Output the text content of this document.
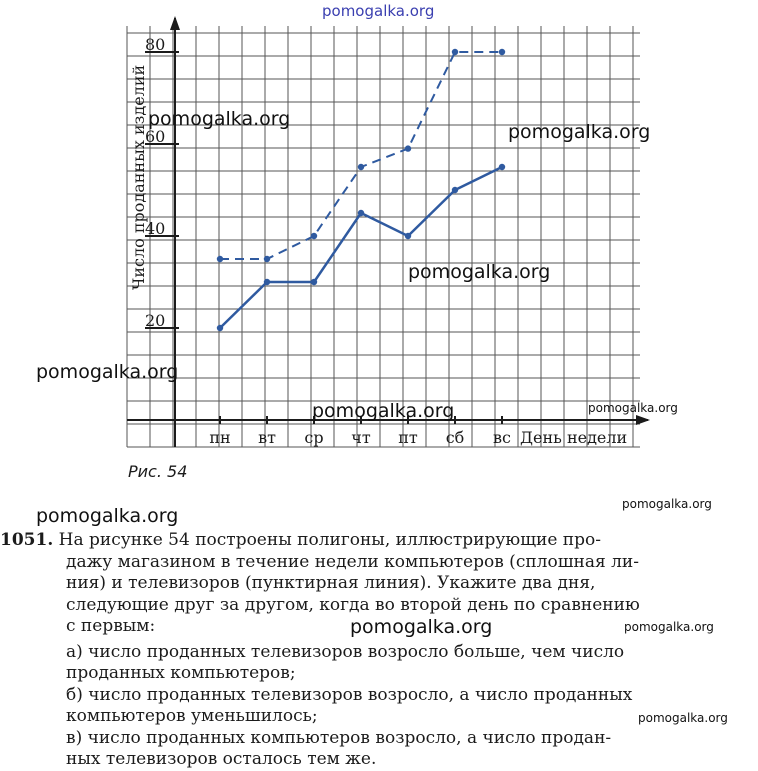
20
40
60
80
Число проданных изделий
пн вт ср чт пт сб вс День недели
Рис. 54

1051. На рисунке 54 построены полигоны, иллюстрирующие про-

дажу магазином в течение недели компьютеров (сплошная ли-

ния) и телевизоров (пунктирная линия). Укажите два дня,

следующие друг за другом, когда во второй день по сравнению

с первым:

а) число проданных телевизоров возросло больше, чем число

проданных компьютеров;

б) число проданных телевизоров возросло, а число проданных

компьютеров уменьшилось;

в) число проданных компьютеров возросло, а число продан-

ных телевизоров осталось тем же.

pomogalka.org
pomogalka.org
pomogalka.org
pomogalka.org
pomogalka.org
pomogalka.org	pomogalka.org
pomogalka.org
pomogalka.org
pomogalka.org	pomogalka.org
pomogalka.org
